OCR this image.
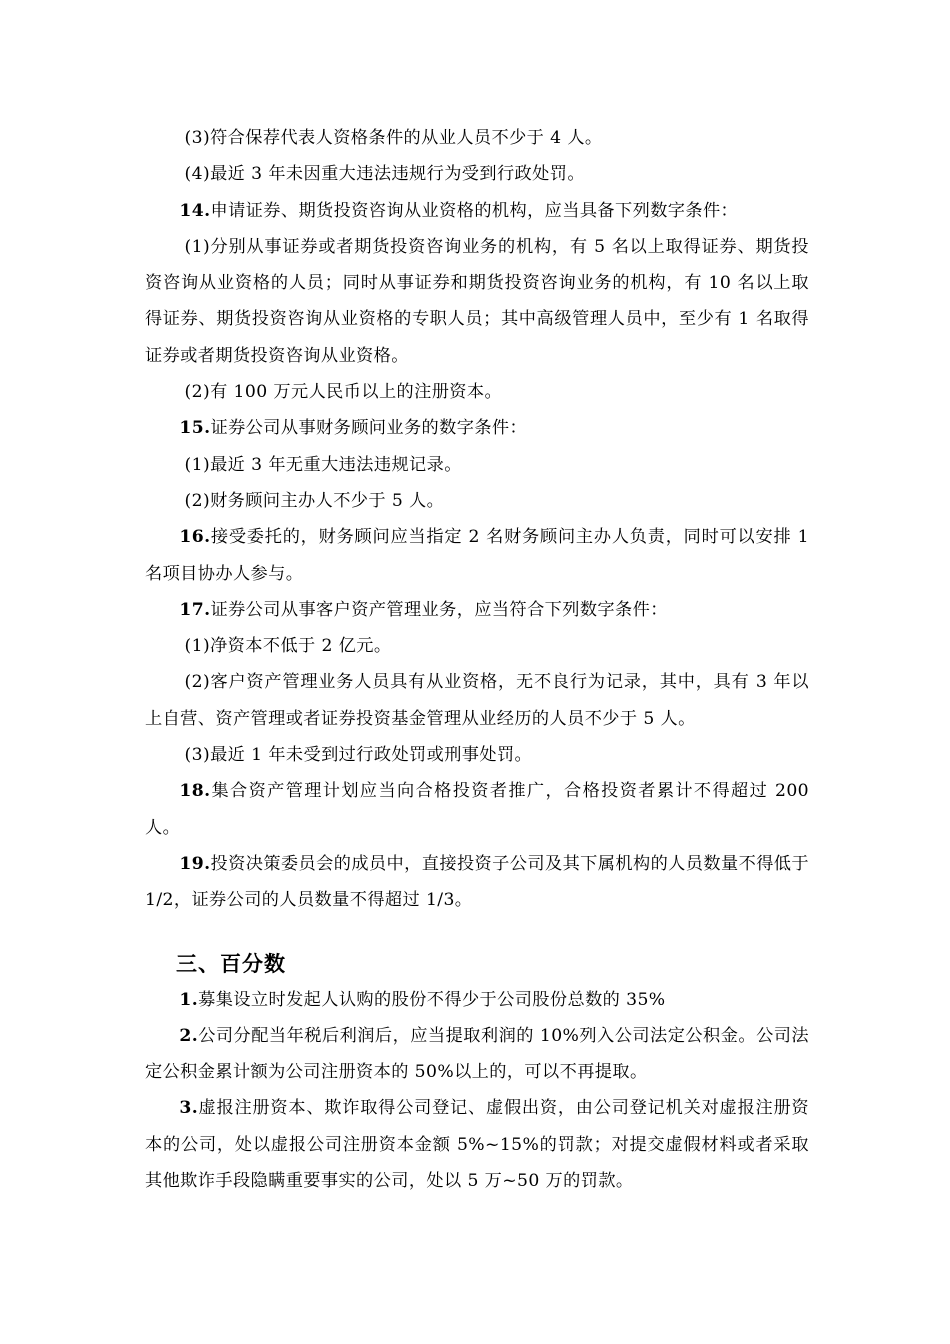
(3)符合保荐代表人资格条件的从业人员不少于 4 人。

(4)最近 3 年未因重大违法违规行为受到行政处罚。

14.申请证券、期货投资咨询从业资格的机构，应当具备下列数字条件：

(1)分别从事证券或者期货投资咨询业务的机构，有 5 名以上取得证券、期货投资咨询从业资格的人员；同时从事证券和期货投资咨询业务的机构，有 10 名以上取得证券、期货投资咨询从业资格的专职人员；其中高级管理人员中，至少有 1 名取得证券或者期货投资咨询从业资格。

(2)有 100 万元人民币以上的注册资本。

15.证券公司从事财务顾问业务的数字条件：

(1)最近 3 年无重大违法违规记录。

(2)财务顾问主办人不少于 5 人。

16.接受委托的，财务顾问应当指定 2 名财务顾问主办人负责，同时可以安排 1 名项目协办人参与。

17.证券公司从事客户资产管理业务，应当符合下列数字条件：

(1)净资本不低于 2 亿元。

(2)客户资产管理业务人员具有从业资格，无不良行为记录，其中，具有 3 年以上自营、资产管理或者证券投资基金管理从业经历的人员不少于 5 人。

(3)最近 1 年未受到过行政处罚或刑事处罚。

18.集合资产管理计划应当向合格投资者推广，合格投资者累计不得超过 200 人。

19.投资决策委员会的成员中，直接投资子公司及其下属机构的人员数量不得低于 1/2，证券公司的人员数量不得超过 1/3。

三、百分数

1.募集设立时发起人认购的股份不得少于公司股份总数的 35%

2.公司分配当年税后利润后，应当提取利润的 10%列入公司法定公积金。公司法定公积金累计额为公司注册资本的 50%以上的，可以不再提取。

3.虚报注册资本、欺诈取得公司登记、虚假出资，由公司登记机关对虚报注册资本的公司，处以虚报公司注册资本金额 5%~15%的罚款；对提交虚假材料或者采取其他欺诈手段隐瞒重要事实的公司，处以 5 万~50 万的罚款。
